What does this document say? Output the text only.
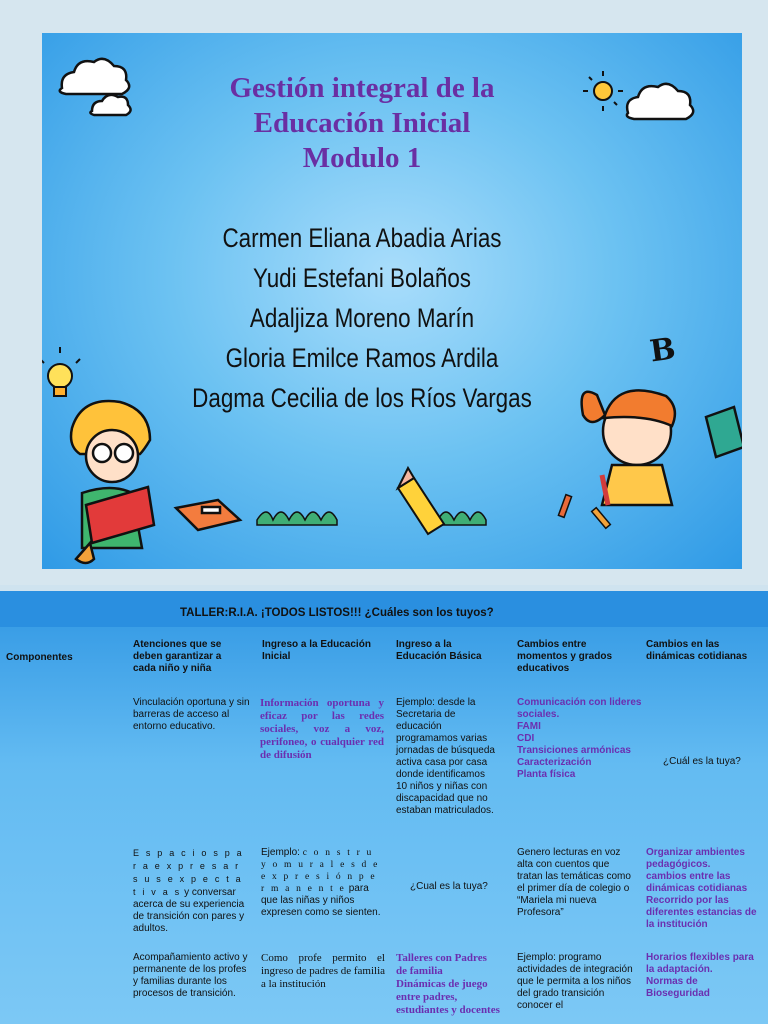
Gestión integral de la
Educación Inicial
Modulo 1
Carmen Eliana Abadia Arias
Yudi Estefani Bolaños
Adaljiza Moreno Marín
Gloria Emilce Ramos Ardila
Dagma Cecilia de los Ríos Vargas
B
TALLER:R.I.A. ¡TODOS LISTOS!!! ¿Cuáles son los tuyos?
Componentes
Atenciones que se deben garantizar a cada niño y niña
Ingreso a la Educación Inicial
Ingreso a la Educación Básica
Cambios entre momentos y grados educativos
Cambios en las dinámicas cotidianas
Vinculación oportuna y sin barreras de acceso al entorno educativo.
Información oportuna y eficaz por las redes sociales, voz a voz, perifoneo, o cualquier red de difusión
Ejemplo: desde la Secretaria de educación programamos varias jornadas de búsqueda activa casa por casa donde identificamos 10 niños y niñas con discapacidad que no estaban matriculados.
Comunicación con lideres sociales.
FAMI
CDI
Transiciones armónicas
Caracterización
Planta física
¿Cuál es la tuya?
E s p a c i o s p a r a e x p r e s a r s u s e x p e c t a t i v a s y conversar acerca de su experiencia de transición con pares y adultos.
Ejemplo: c o n s t r u y o m u r a l e s d e e x p r e s i ó n p e r m a n e n t e para que las niñas y niños expresen como se sienten.
¿Cual es la tuya?
Genero lecturas en voz alta con cuentos que tratan las temáticas como el primer día de colegio o “Mariela mi nueva Profesora”
Organizar ambientes pedagógicos.
cambios entre las dinámicas cotidianas
Recorrido por las diferentes estancias de la institución
Acompañamiento activo y permanente de los profes y familias durante los procesos de transición.
Como profe permito el ingreso de padres de familia a la institución
Talleres con Padres de familia
Dinámicas de juego entre padres, estudiantes y docentes
Ejemplo: programo actividades de integración que le permita a los niños del grado transición conocer el
Horarios flexibles para la adaptación.
Normas de Bioseguridad
